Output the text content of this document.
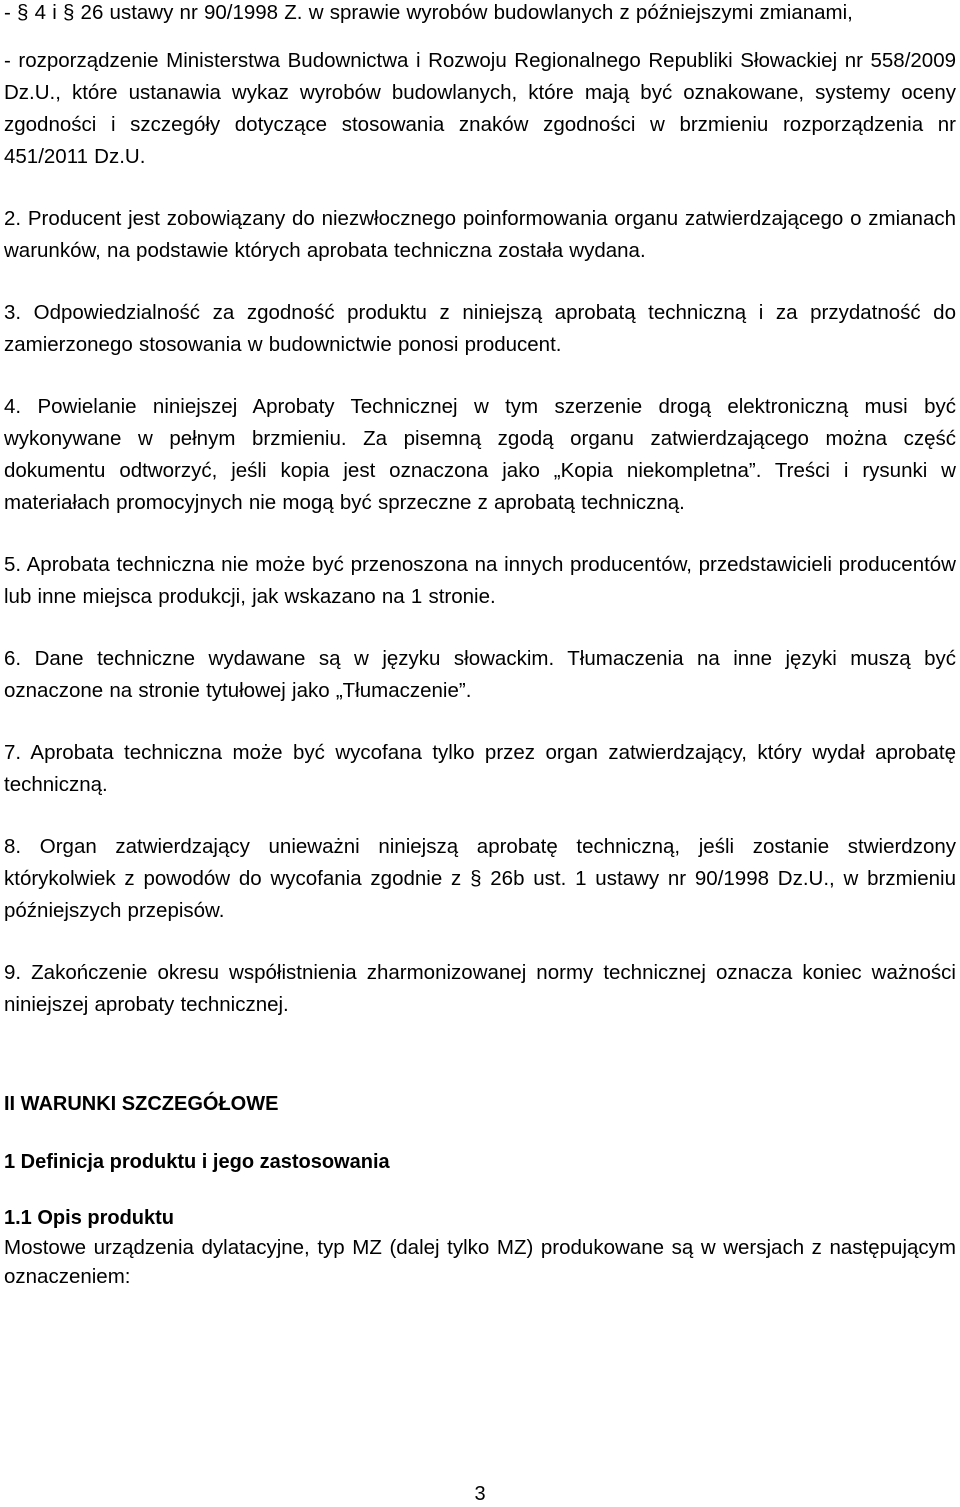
- § 4 i § 26 ustawy nr 90/1998 Z. w sprawie wyrobów budowlanych z późniejszymi zmianami,

- rozporządzenie Ministerstwa Budownictwa i Rozwoju Regionalnego Republiki Słowackiej nr 558/2009 Dz.U., które ustanawia wykaz wyrobów budowlanych, które mają być oznakowane, systemy oceny zgodności i szczegóły dotyczące stosowania znaków zgodności w brzmieniu rozporządzenia nr 451/2011 Dz.U.

2. Producent jest zobowiązany do niezwłocznego poinformowania organu zatwierdzającego o zmianach warunków, na podstawie których aprobata techniczna została wydana.

3. Odpowiedzialność za zgodność produktu z niniejszą aprobatą techniczną i za przydatność do zamierzonego stosowania w budownictwie ponosi producent.

4. Powielanie niniejszej Aprobaty Technicznej w tym szerzenie drogą elektroniczną musi być wykonywane w pełnym brzmieniu. Za pisemną zgodą organu zatwierdzającego można część dokumentu odtworzyć, jeśli kopia jest oznaczona jako „Kopia niekompletna”. Treści i rysunki w materiałach promocyjnych nie mogą być sprzeczne z aprobatą techniczną.

5. Aprobata techniczna nie może być przenoszona na innych producentów, przedstawicieli producentów lub inne miejsca produkcji, jak wskazano na 1 stronie.

6. Dane techniczne wydawane są w języku słowackim. Tłumaczenia na inne języki muszą być oznaczone na stronie tytułowej jako „Tłumaczenie”.

7. Aprobata techniczna może być wycofana tylko przez organ zatwierdzający, który wydał aprobatę techniczną.

8. Organ zatwierdzający unieważni niniejszą aprobatę techniczną, jeśli zostanie stwierdzony którykolwiek z powodów do wycofania zgodnie z § 26b ust. 1 ustawy nr 90/1998 Dz.U., w brzmieniu późniejszych przepisów.

9. Zakończenie okresu współistnienia zharmonizowanej normy technicznej oznacza koniec ważności niniejszej aprobaty technicznej.

II WARUNKI SZCZEGÓŁOWE
1 Definicja produktu i jego zastosowania
1.1 Opis produktu

Mostowe urządzenia dylatacyjne, typ MZ (dalej tylko MZ) produkowane są w wersjach z następującym oznaczeniem:

3
